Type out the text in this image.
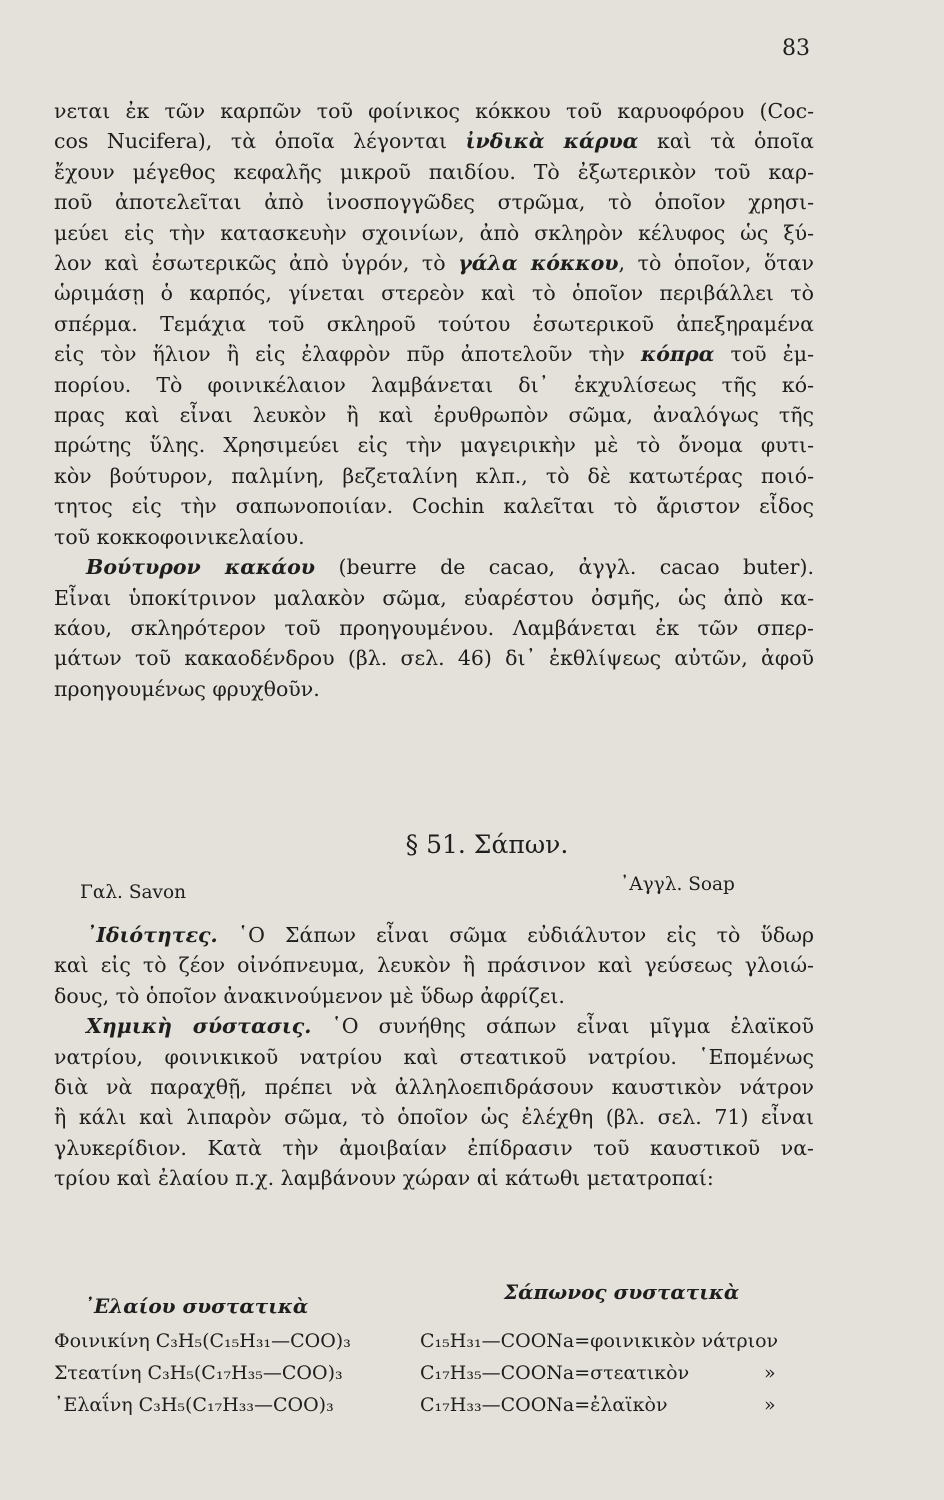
83
νεται ἐκ τῶν καρπῶν τοῦ φοίνικος κόκκου τοῦ καρυοφόρου (Coc-
cos Nucifera), τὰ ὁποῖα λέγονται ἰνδικὰ κάρυα καὶ τὰ ὁποῖα
ἔχουν μέγεθος κεφαλῆς μικροῦ παιδίου. Τὸ ἐξωτερικὸν τοῦ καρ-
ποῦ ἀποτελεῖται ἀπὸ ἰνοσπογγῶδες στρῶμα, τὸ ὁποῖον χρησι-
μεύει εἰς τὴν κατασκευὴν σχοινίων, ἀπὸ σκληρὸν κέλυφος ὡς ξύ-
λον καὶ ἐσωτερικῶς ἀπὸ ὑγρόν, τὸ γάλα κόκκου, τὸ ὁποῖον, ὅταν
ὡριμάσῃ ὁ καρπός, γίνεται στερεὸν καὶ τὸ ὁποῖον περιβάλλει τὸ
σπέρμα. Τεμάχια τοῦ σκληροῦ τούτου ἐσωτερικοῦ ἀπεξηραμένα
εἰς τὸν ἥλιον ἢ εἰς ἐλαφρὸν πῦρ ἀποτελοῦν τὴν κόπρα τοῦ ἐμ-
πορίου. Τὸ φοινικέλαιον λαμβάνεται δι᾿ ἐκχυλίσεως τῆς κό-
πρας καὶ εἶναι λευκὸν ἢ καὶ ἐρυθρωπὸν σῶμα, ἀναλόγως τῆς
πρώτης ὕλης. Χρησιμεύει εἰς τὴν μαγειρικὴν μὲ τὸ ὄνομα φυτι-
κὸν βούτυρον, παλμίνη, βεζεταλίνη κλπ., τὸ δὲ κατωτέρας ποιό-
τητος εἰς τὴν σαπωνοποιίαν. Cochin καλεῖται τὸ ἄριστον εἶδος
τοῦ κοκκοφοινικελαίου.
Βούτυρον κακάου (beurre de cacao, ἀγγλ. cacao buter).
Εἶναι ὑποκίτρινον μαλακὸν σῶμα, εὐαρέστου ὀσμῆς, ὡς ἀπὸ κα-
κάου, σκληρότερον τοῦ προηγουμένου. Λαμβάνεται ἐκ τῶν σπερ-
μάτων τοῦ κακαοδένδρου (βλ. σελ. 46) δι᾿ ἐκθλίψεως αὐτῶν, ἀφοῦ
προηγουμένως φρυχθοῦν.
§ 51. Σάπων.
Γαλ. Savon	᾿Αγγλ. Soap
᾿Ιδιότητες. ῾Ο Σάπων εἶναι σῶμα εὐδιάλυτον εἰς τὸ ὕδωρ
καὶ εἰς τὸ ζέον οἰνόπνευμα, λευκὸν ἢ πράσινον καὶ γεύσεως γλοιώ-
δους, τὸ ὁποῖον ἀνακινούμενον μὲ ὕδωρ ἀφρίζει.
Χημικὴ σύστασις. ῾Ο συνήθης σάπων εἶναι μῖγμα ἐλαϊκοῦ
νατρίου, φοινικικοῦ νατρίου καὶ στεατικοῦ νατρίου. ῾Επομένως
διὰ νὰ παραχθῇ, πρέπει νὰ ἀλληλοεπιδράσουν καυστικὸν νάτρον
ἢ κάλι καὶ λιπαρὸν σῶμα, τὸ ὁποῖον ὡς ἐλέχθη (βλ. σελ. 71) εἶναι
γλυκερίδιον. Κατὰ τὴν ἀμοιβαίαν ἐπίδρασιν τοῦ καυστικοῦ να-
τρίου καὶ ἐλαίου π.χ. λαμβάνουν χώραν αἱ κάτωθι μετατροπαί:
᾿Ελαίου συστατικὰ
Σάπωνος συστατικὰ
Φοινικίνη C₃H₅(C₁₅H₃₁—COO)₃	C₁₅H₃₁—COONa=φοινικικὸν νάτριον
Στεατίνη C₃H₅(C₁₇H₃₅—COO)₃	C₁₇H₃₅—COONa=στεατικὸν	»
᾿Ελαΐνη C₃H₅(C₁₇H₃₃—COO)₃	C₁₇H₃₃—COONa=ἐλαϊκὸν	»
